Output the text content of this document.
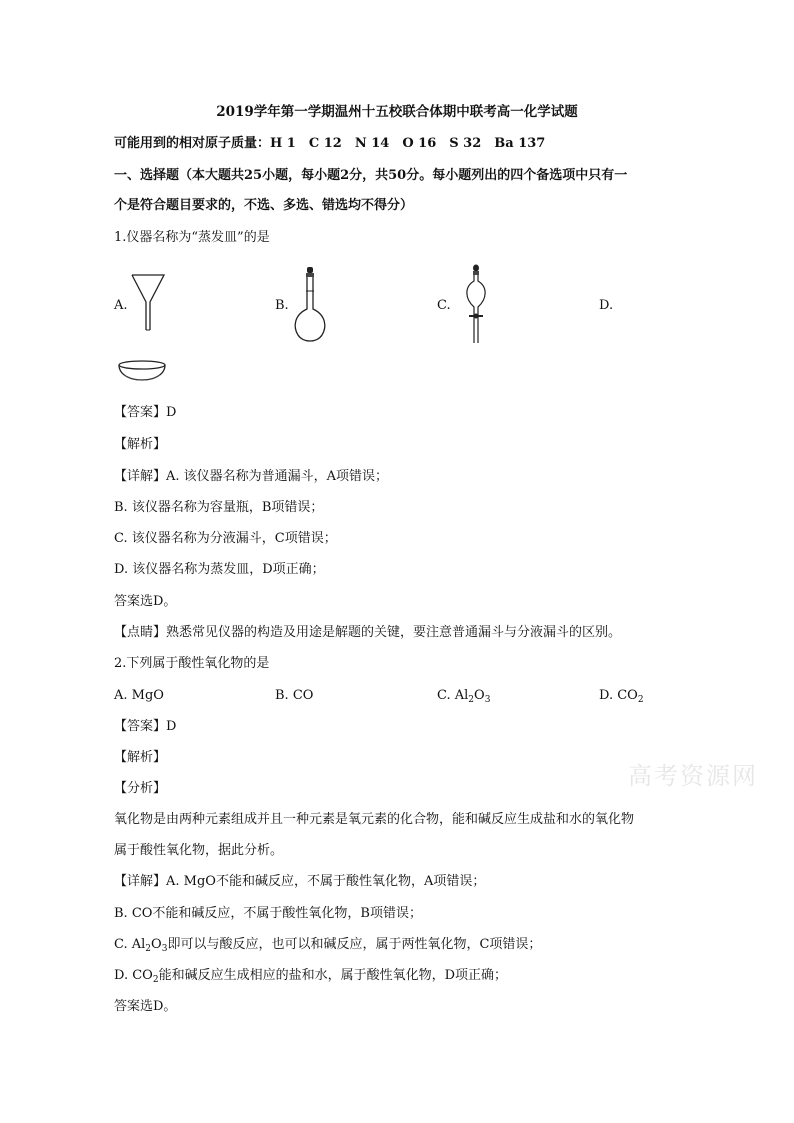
2019学年第一学期温州十五校联合体期中联考高一化学试题
可能用到的相对原子质量：H 1　C 12　N 14　O 16　S 32　Ba 137
一、选择题（本大题共25小题，每小题2分，共50分。每小题列出的四个备选项中只有一
个是符合题目要求的，不选、多选、错选均不得分）
1.仪器名称为“蒸发皿”的是
A.	B.	C.	D.
【答案】D
【解析】
【详解】A. 该仪器名称为普通漏斗，A项错误；
B. 该仪器名称为容量瓶，B项错误；
C. 该仪器名称为分液漏斗，C项错误；
D. 该仪器名称为蒸发皿，D项正确；
答案选D。
【点睛】熟悉常见仪器的构造及用途是解题的关键，要注意普通漏斗与分液漏斗的区别。
2.下列属于酸性氧化物的是
A. MgO	B. CO	C. $Al_2O_3$	D. $CO_2$
【答案】D
【解析】
【分析】
氧化物是由两种元素组成并且一种元素是氧元素的化合物，能和碱反应生成盐和水的氧化物
属于酸性氧化物，据此分析。
【详解】A. MgO不能和碱反应，不属于酸性氧化物，A项错误；
B. CO不能和碱反应，不属于酸性氧化物，B项错误；
C. $Al_2O_3$即可以与酸反应，也可以和碱反应，属于两性氧化物，C项错误；
D. $CO_2$能和碱反应生成相应的盐和水，属于酸性氧化物，D项正确；
答案选D。
高考资源网
